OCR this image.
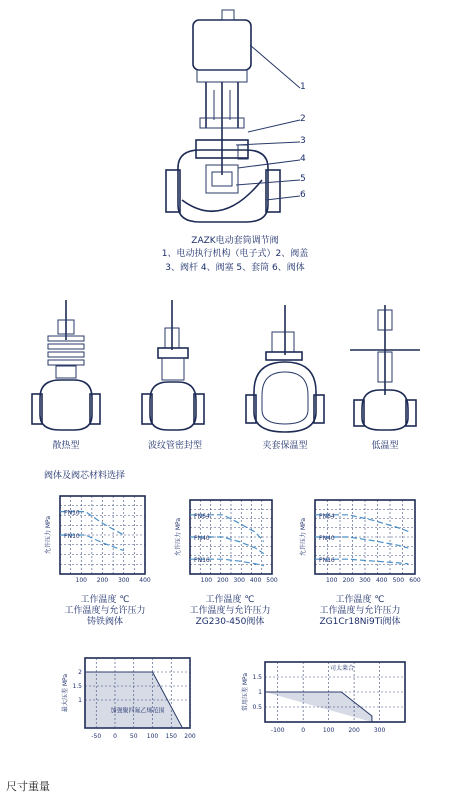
1
2
3
4
5
6
ZAZK电动套筒调节阀
1、电动执行机构（电子式）2、阀盖
3、阀杆 4、阀塞 5、套筒 6、阀体
散热型	波纹管密封型	夹套保温型	低温型
阀体及阀芯材料选择
允许压力 MPa
100 200 300 400
PN16
PN10	允许压力 MPa
100 200 300 400 500
PN64
PN40
PN16
允许压力 MPa
100 200 300 400 500 600
PN64
PN40
PN16
工作温度 ℃
工作温度与允许压力
铸铁阀体
工作温度 ℃
工作温度与允许压力
ZG230-450阀体
工作温度 ℃
工作温度与允许压力
ZG1Cr18Ni9Ti阀体
1
1.5
2
-50 0 50 100 150 200
最大压差 MPa	加强聚四氟乙烯范围
0.5
1
1.5
-100	0	100 200 300
常用压差 MPa
司太莱合
尺寸重量
